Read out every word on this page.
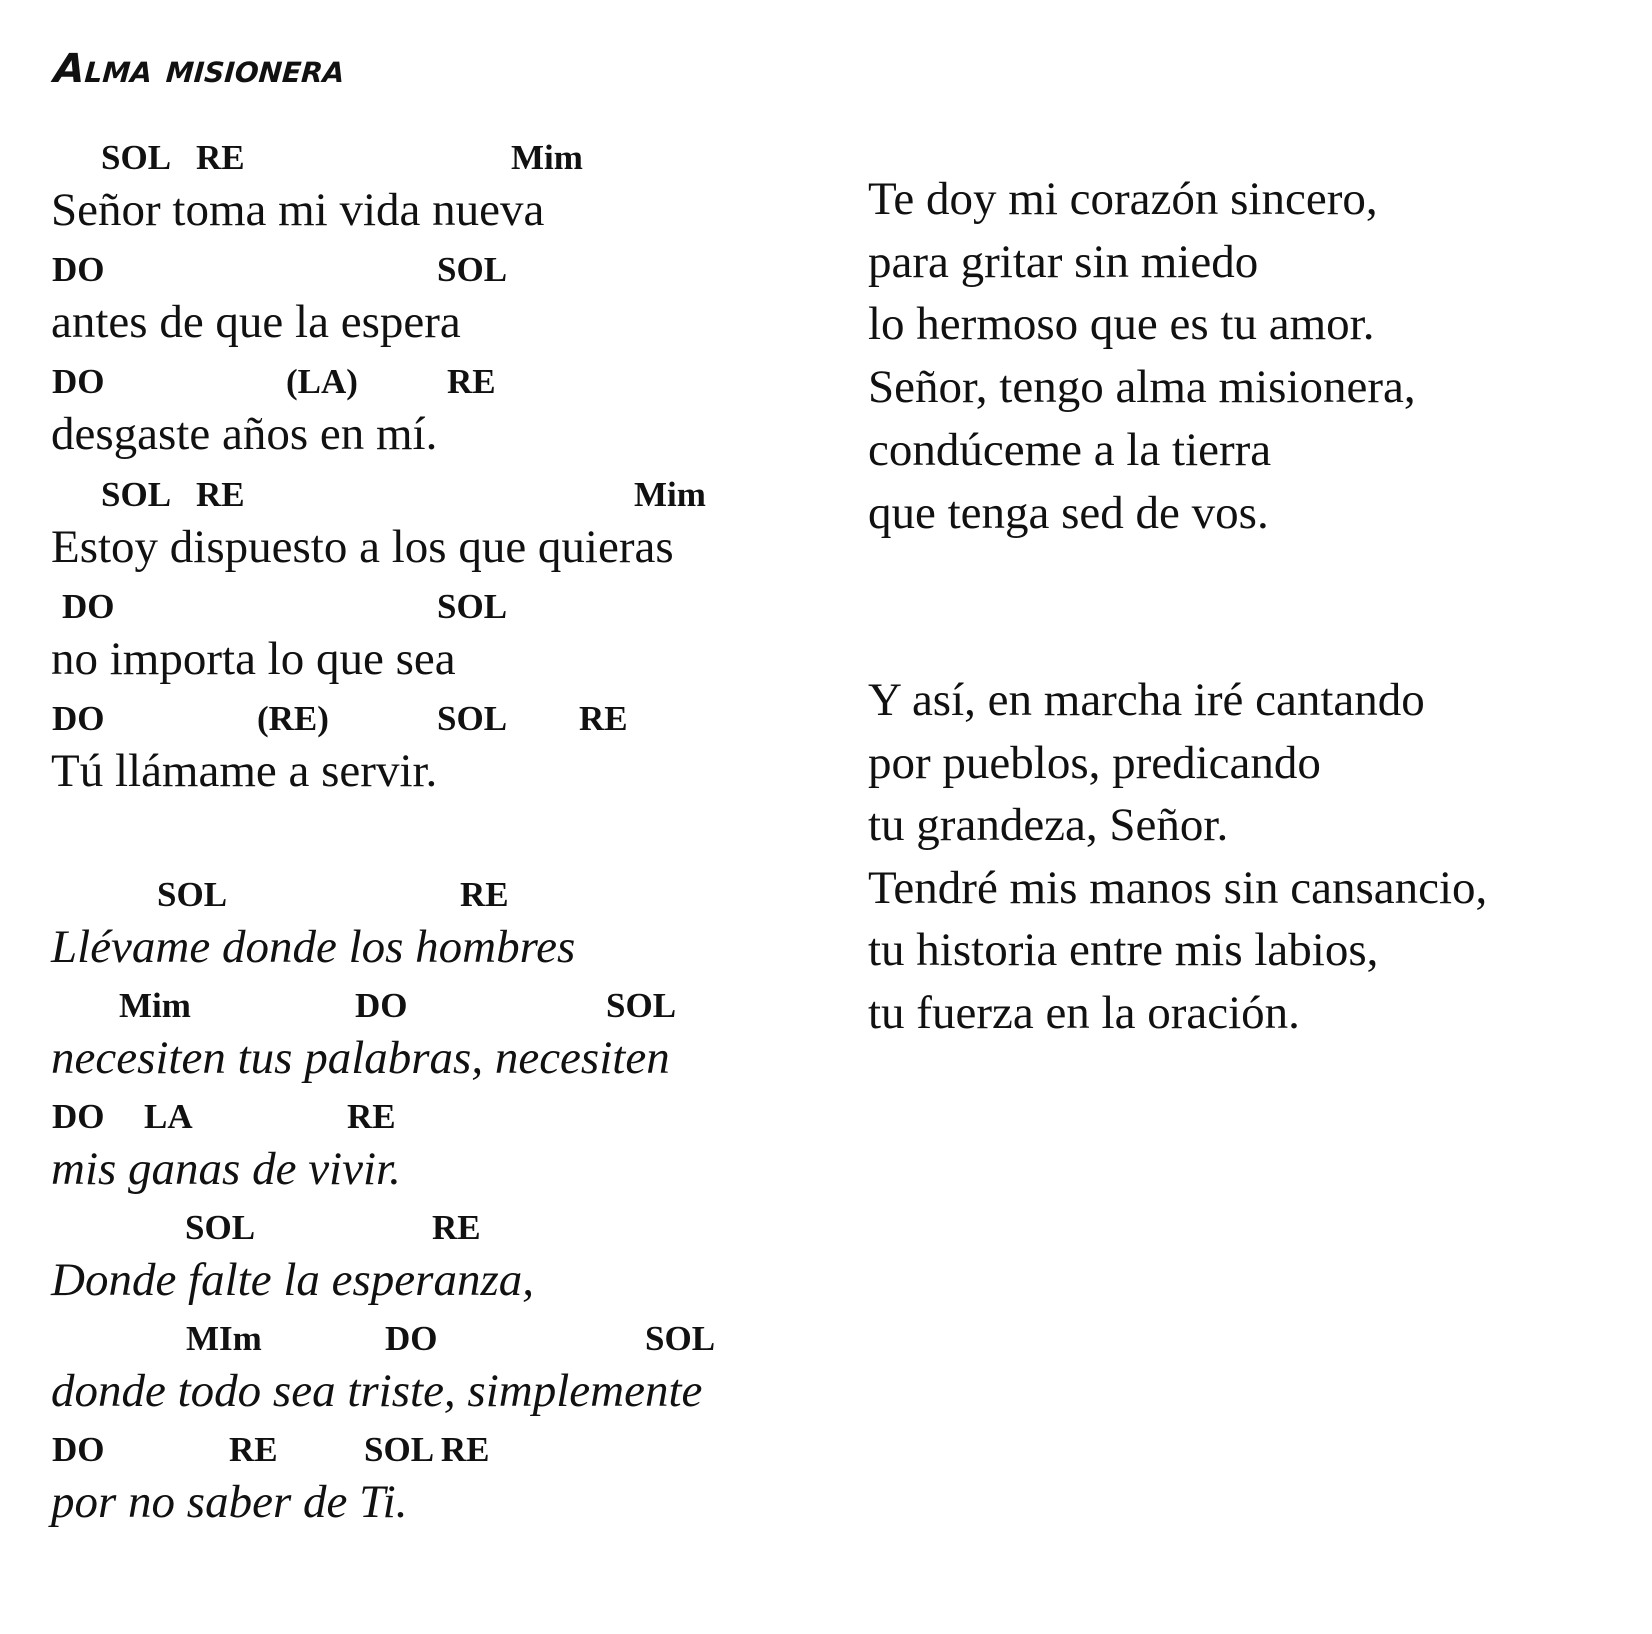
Alma misionera
SOL RE	Mim
Señor toma mi vida nueva
DO	SOL
antes de que la espera
DO	(LA)	RE
desgaste años en mí.
SOL RE	Mim
Estoy dispuesto a los que quieras
DO	SOL
no importa lo que sea
DO	(RE)	SOL RE
Tú llámame a servir.
SOL	RE
Llévame donde los hombres
Mim	DO	SOL
necesiten tus palabras, necesiten
DO LA	RE
mis ganas de vivir.
SOL	RE
Donde falte la esperanza,
MIm	DO	SOL
donde todo sea triste, simplemente
DO	RE SOL RE
por no saber de Ti.
Te doy mi corazón sincero,
para gritar sin miedo
lo hermoso que es tu amor.
Señor, tengo alma misionera,
condúceme a la tierra
que tenga sed de vos.
Y así, en marcha iré cantando
por pueblos, predicando
tu grandeza, Señor.
Tendré mis manos sin cansancio,
tu historia entre mis labios,
tu fuerza en la oración.
